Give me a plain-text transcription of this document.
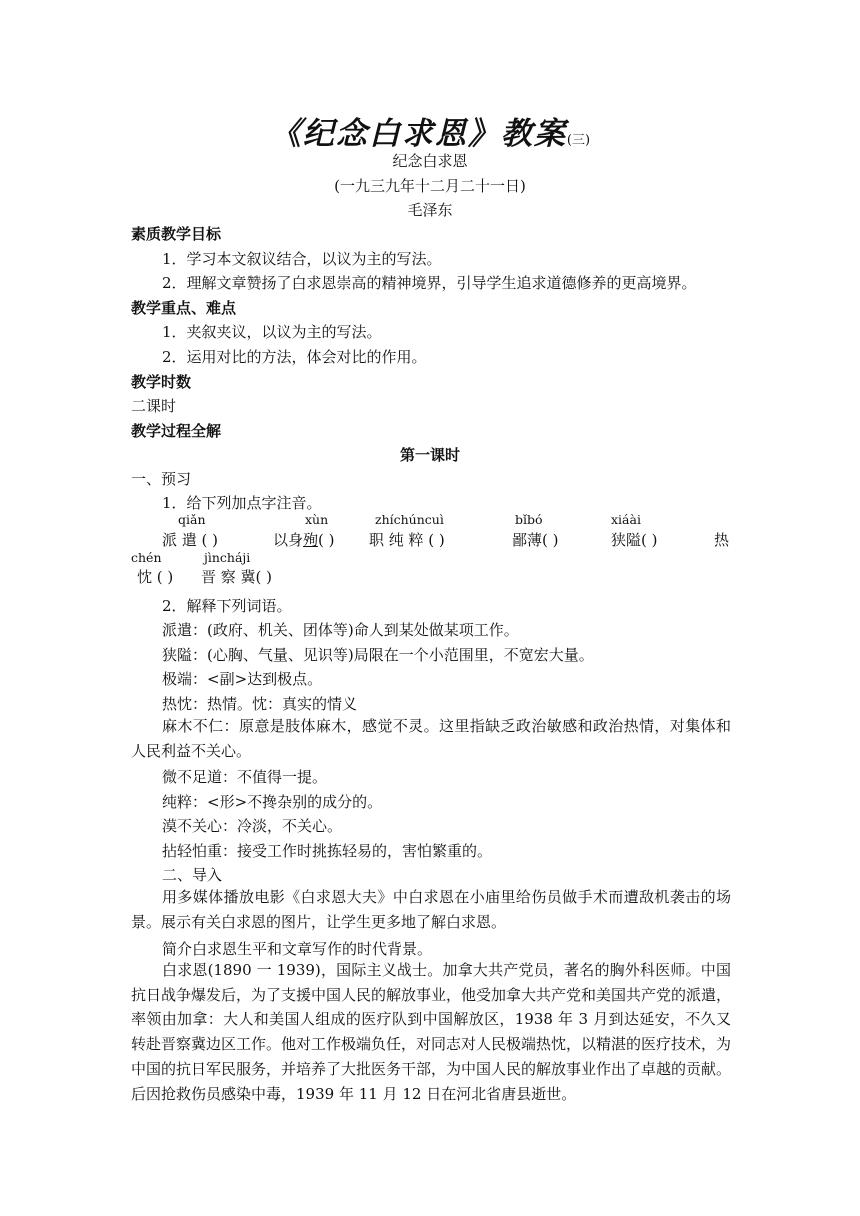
《纪念白求恩》教案(三)
纪念白求恩
(一九三九年十二月二十一日)
毛泽东
素质教学目标
1．学习本文叙议结合，以议为主的写法。
2．理解文章赞扬了白求恩崇高的精神境界，引导学生追求道德修养的更高境界。
教学重点、难点
1．夹叙夹议，以议为主的写法。
2．运用对比的方法，体会对比的作用。
教学时数
二课时
教学过程全解
第一课时
一、预习
1．给下列加点字注音。
qiǎn	xùn	zhíchúncuì	bǐbó	xiáài
派 遣 ( )	以身殉( ) 职 纯 粹 ( )	鄙薄( )	狭隘( )	热
chén	jìncháji
忱 ( ) 晋 察 冀( )
2．解释下列词语。
派遣：(政府、机关、团体等)命人到某处做某项工作。
狭隘：(心胸、气量、见识等)局限在一个小范围里，不宽宏大量。
极端：<副>达到极点。
热忱：热情。忱：真实的情义
麻木不仁：原意是肢体麻木，感觉不灵。这里指缺乏政治敏感和政治热情，对集体和人民利益不关心。
微不足道：不值得一提。
纯粹：<形>不搀杂别的成分的。
漠不关心：冷淡，不关心。
拈轻怕重：接受工作时挑拣轻易的，害怕繁重的。
二、导入
用多媒体播放电影《白求恩大夫》中白求恩在小庙里给伤员做手术而遭敌机袭击的场景。展示有关白求恩的图片，让学生更多地了解白求恩。
简介白求恩生平和文章写作的时代背景。
白求恩(1890 一 1939)，国际主义战士。加拿大共产党员，著名的胸外科医师。中国抗日战争爆发后，为了支援中国人民的解放事业，他受加拿大共产党和美国共产党的派遣，率领由加拿：大人和美国人组成的医疗队到中国解放区，1938 年 3 月到达延安，不久又转赴晋察冀边区工作。他对工作极端负任，对同志对人民极端热忱，以精湛的医疗技术，为中国的抗日军民服务，并培养了大批医务干部，为中国人民的解放事业作出了卓越的贡献。后因抢救伤员感染中毒，1939 年 11 月 12 日在河北省唐县逝世。
